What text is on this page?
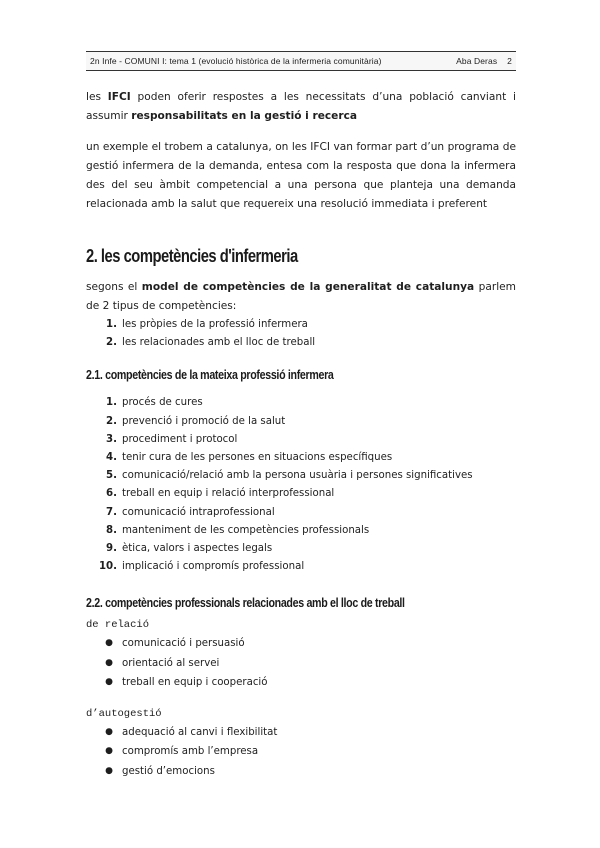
2n Infe - COMUNI I: tema 1 (evolució històrica de la infermeria comunitària)	Aba Deras 2

les IFCI poden oferir respostes a les necessitats d’una població canviant i assumir responsabilitats en la gestió i recerca

un exemple el trobem a catalunya, on les IFCI van formar part d’un programa de gestió infermera de la demanda, entesa com la resposta que dona la infermera des del seu àmbit competencial a una persona que planteja una demanda relacionada amb la salut que requereix una resolució immediata i preferent

2. les competències d'infermeria

segons el model de competències de la generalitat de catalunya parlem de 2 tipus de competències:

1. les pròpies de la professió infermera
2. les relacionades amb el lloc de treball
2.1. competències de la mateixa professió infermera
1. procés de cures
2. prevenció i promoció de la salut
3. procediment i protocol
4. tenir cura de les persones en situacions específiques
5. comunicació/relació amb la persona usuària i persones significatives
6. treball en equip i relació interprofessional
7. comunicació intraprofessional
8. manteniment de les competències professionals
9. ètica, valors i aspectes legals
10. implicació i compromís professional
2.2. competències professionals relacionades amb el lloc de treball
de relació
● comunicació i persuasió
● orientació al servei
● treball en equip i cooperació
d’autogestió
● adequació al canvi i flexibilitat
● compromís amb l’empresa
● gestió d’emocions
